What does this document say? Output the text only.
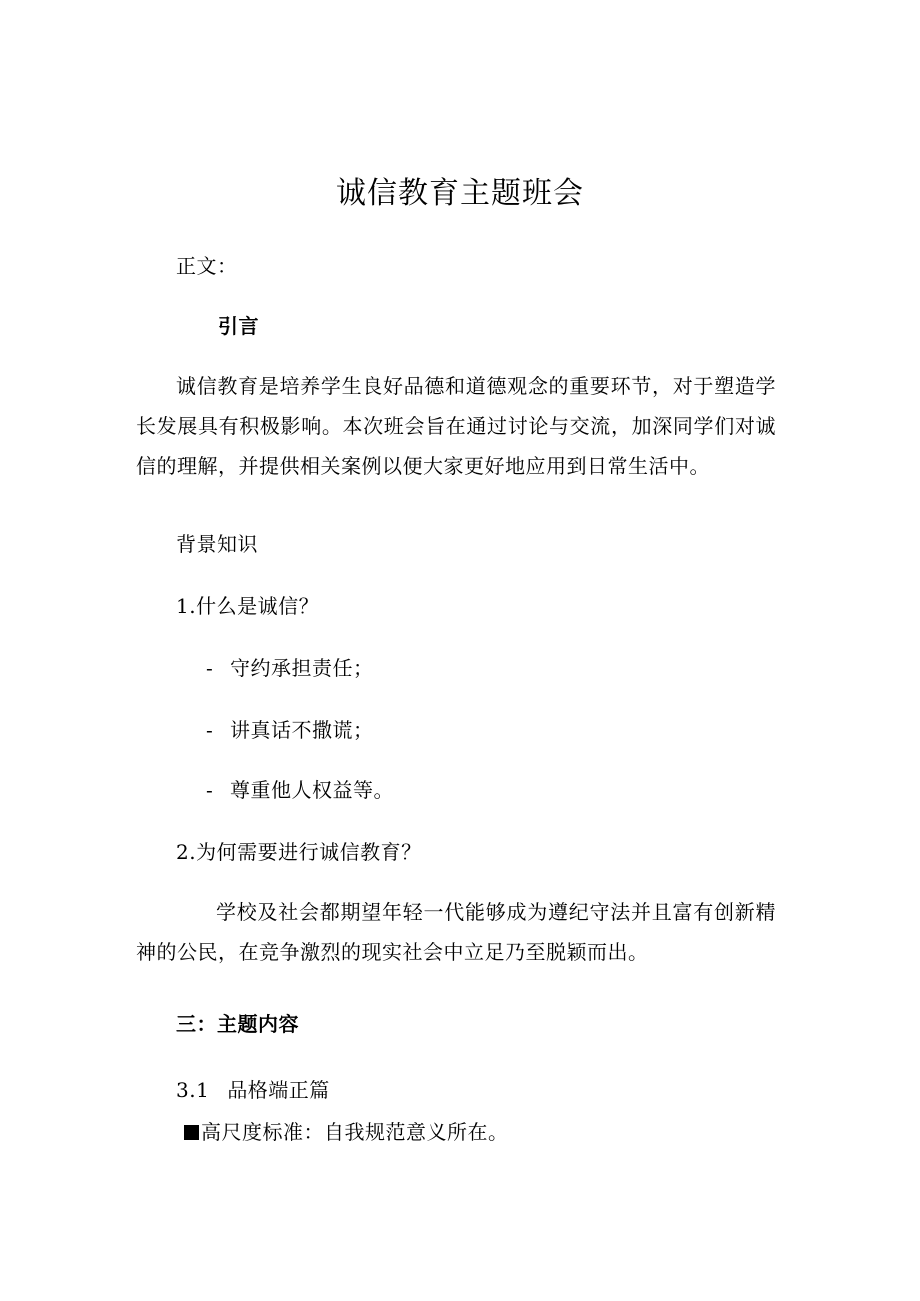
诚信教育主题班会
正文：
引言
诚信教育是培养学生良好品德和道德观念的重要环节，对于塑造学长发展具有积极影响。本次班会旨在通过讨论与交流，加深同学们对诚信的理解，并提供相关案例以便大家更好地应用到日常生活中。
背景知识
1.什么是诚信？
- 守约承担责任；
- 讲真话不撒谎；
- 尊重他人权益等。
2.为何需要进行诚信教育？
学校及社会都期望年轻一代能够成为遵纪守法并且富有创新精神的公民，在竞争激烈的现实社会中立足乃至脱颖而出。
三：主题内容
3.1 品格端正篇
高尺度标准：自我规范意义所在。
